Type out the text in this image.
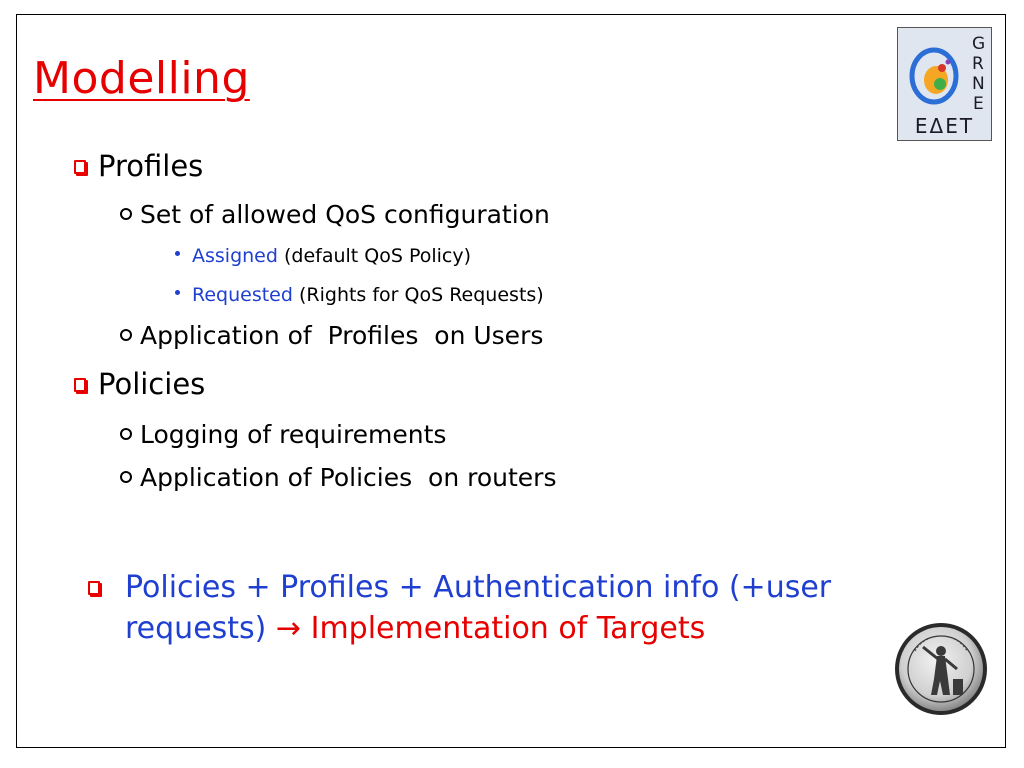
Modelling
G
R
N
E
ΕΔΕΤ
Profiles
Set of allowed QoS configuration
Assigned
(default QoS Policy)
Requested
(Rights for QoS Requests)
Application of  Profiles  on Users
Policies
Logging of requirements
Application of Policies  on routers
Policies + Profiles + Authentication info (+user requests) → Implementation of Targets
